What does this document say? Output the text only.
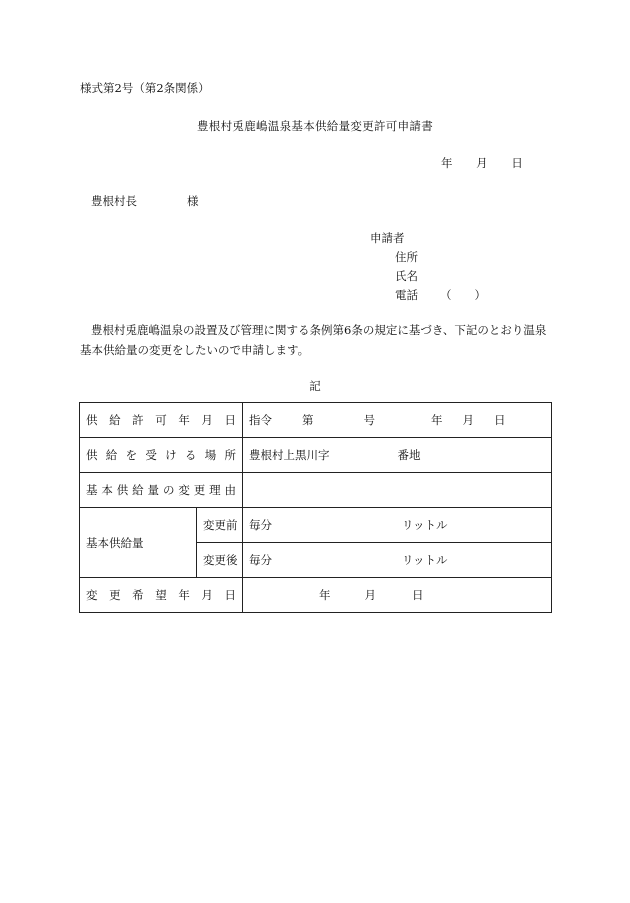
様式第2号（第2条関係）
豊根村兎鹿嶋温泉基本供給量変更許可申請書
年 月 日
豊根村長	様
申請者
住所
氏名
電話 （　　）
豊根村兎鹿嶋温泉の設置及び管理に関する条例第6条の規定に基づき、下記のとおり温泉基本供給量の変更をしたいので申請します。
記
供給許可年月日		指令 第 号 年 月 日
供給を受ける場所		豊根村上黒川字 番地
基本供給量の変更理由		
基本供給量	変更前	毎分 リットル
	変更後	毎分 リットル
変更希望年月日		年 月 日
